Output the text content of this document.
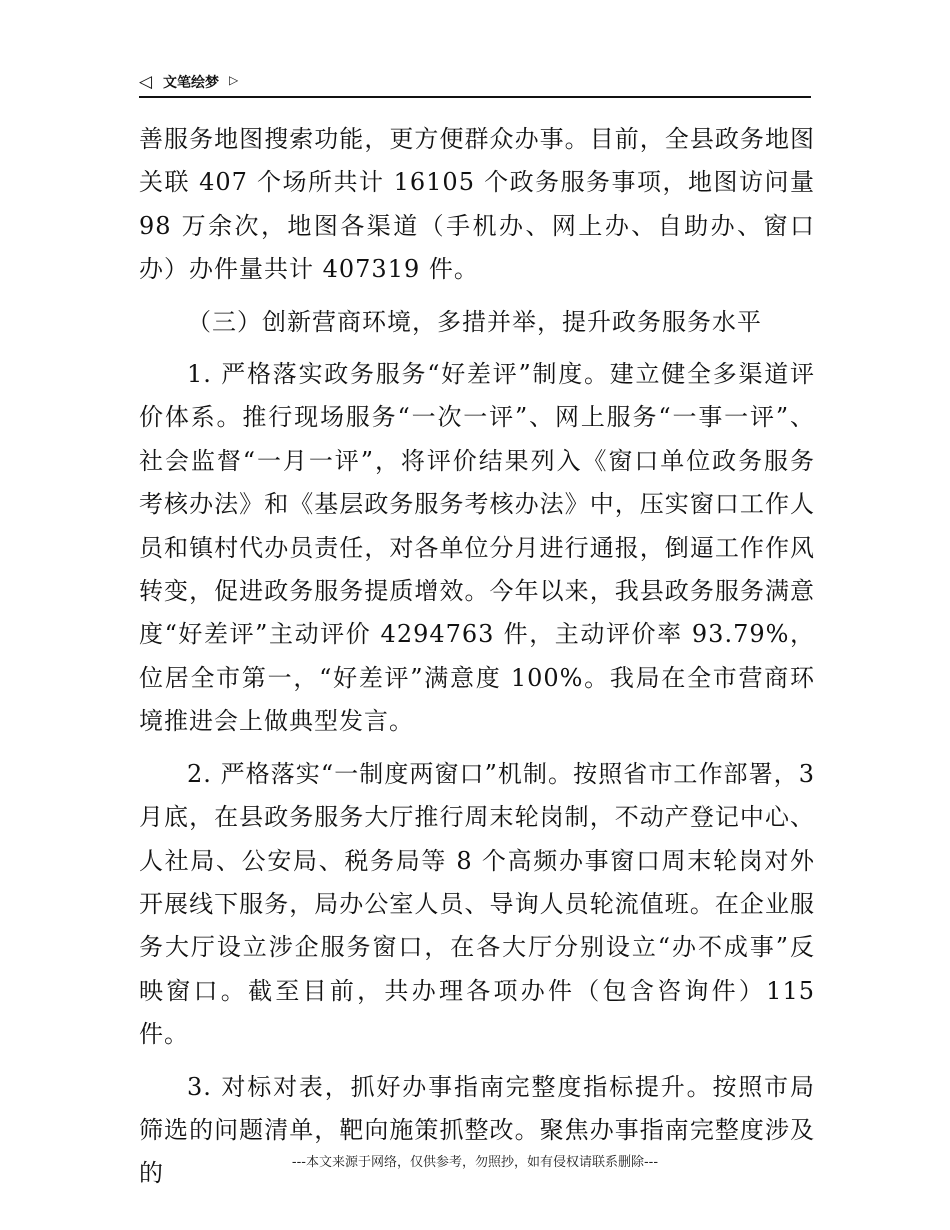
◁ 文笔绘梦 ▷

善服务地图搜索功能，更方便群众办事。目前，全县政务地图关联 407 个场所共计 16105 个政务服务事项，地图访问量 98 万余次，地图各渠道（手机办、网上办、自助办、窗口办）办件量共计 407319 件。

（三）创新营商环境，多措并举，提升政务服务水平

1. 严格落实政务服务“好差评”制度。建立健全多渠道评价体系。推行现场服务“一次一评”、网上服务“一事一评”、社会监督“一月一评”，将评价结果列入《窗口单位政务服务考核办法》和《基层政务服务考核办法》中，压实窗口工作人员和镇村代办员责任，对各单位分月进行通报，倒逼工作作风转变，促进政务服务提质增效。今年以来，我县政务服务满意度“好差评”主动评价 4294763 件，主动评价率 93.79%，位居全市第一，“好差评”满意度 100%。我局在全市营商环境推进会上做典型发言。

2. 严格落实“一制度两窗口”机制。按照省市工作部署，3 月底，在县政务服务大厅推行周末轮岗制，不动产登记中心、人社局、公安局、税务局等 8 个高频办事窗口周末轮岗对外开展线下服务，局办公室人员、导询人员轮流值班。在企业服务大厅设立涉企服务窗口，在各大厅分别设立“办不成事”反映窗口。截至目前，共办理各项办件（包含咨询件）115 件。

3. 对标对表，抓好办事指南完整度指标提升。按照市局筛选的问题清单，靶向施策抓整改。聚焦办事指南完整度涉及的	---本文来源于网络，仅供参考，勿照抄，如有侵权请联系删除---
